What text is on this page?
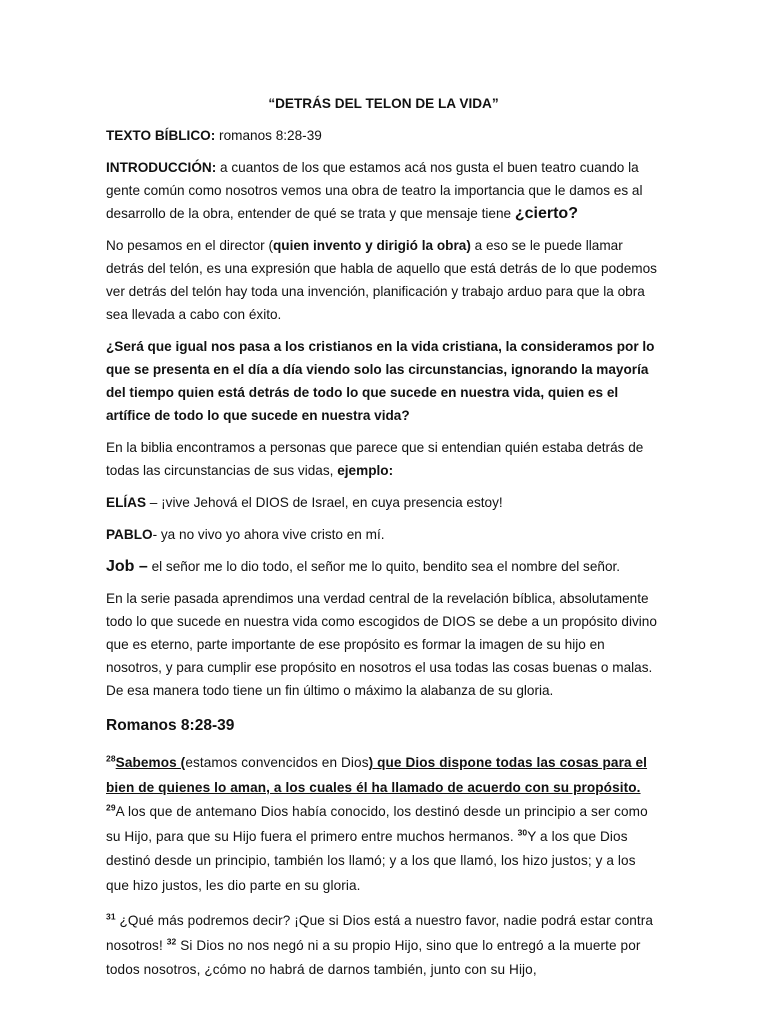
“DETRÁS DEL TELON DE LA VIDA”

TEXTO BÍBLICO: romanos 8:28-39

INTRODUCCIÓN: a cuantos de los que estamos acá nos gusta el buen teatro cuando la gente común como nosotros vemos una obra de teatro la importancia que le damos es al desarrollo de la obra, entender de qué se trata y que mensaje tiene ¿cierto?

No pesamos en el director (quien invento y dirigió la obra) a eso se le puede llamar detrás del telón, es una expresión que habla de aquello que está detrás de lo que podemos ver detrás del telón hay toda una invención, planificación y trabajo arduo para que la obra sea llevada a cabo con éxito.

¿Será que igual nos pasa a los cristianos en la vida cristiana, la consideramos por lo que se presenta en el día a día viendo solo las circunstancias, ignorando la mayoría del tiempo quien está detrás de todo lo que sucede en nuestra vida, quien es el artífice de todo lo que sucede en nuestra vida?

En la biblia encontramos a personas que parece que si entendian quién estaba detrás de todas las circunstancias de sus vidas, ejemplo:

ELÍAS – ¡vive Jehová el DIOS de Israel, en cuya presencia estoy!

PABLO- ya no vivo yo ahora vive cristo en mí.

Job – el señor me lo dio todo, el señor me lo quito, bendito sea el nombre del señor.

En la serie pasada aprendimos una verdad central de la revelación bíblica, absolutamente todo lo que sucede en nuestra vida como escogidos de DIOS se debe a un propósito divino que es eterno, parte importante de ese propósito es formar la imagen de su hijo en nosotros, y para cumplir ese propósito en nosotros el usa todas las cosas buenas o malas. De esa manera todo tiene un fin último o máximo la alabanza de su gloria.

Romanos 8:28-39

$^{28}$Sabemos (estamos convencidos en Dios) que Dios dispone todas las cosas para el bien de quienes lo aman, a los cuales él ha llamado de acuerdo con su propósito. $^{29}$A los que de antemano Dios había conocido, los destinó desde un principio a ser como su Hijo, para que su Hijo fuera el primero entre muchos hermanos. $^{30}$Y a los que Dios destinó desde un principio, también los llamó; y a los que llamó, los hizo justos; y a los que hizo justos, les dio parte en su gloria.

$^{31}$ ¿Qué más podremos decir? ¡Que si Dios está a nuestro favor, nadie podrá estar contra nosotros! $^{32}$ Si Dios no nos negó ni a su propio Hijo, sino que lo entregó a la muerte por todos nosotros, ¿cómo no habrá de darnos también, junto con su Hijo,
